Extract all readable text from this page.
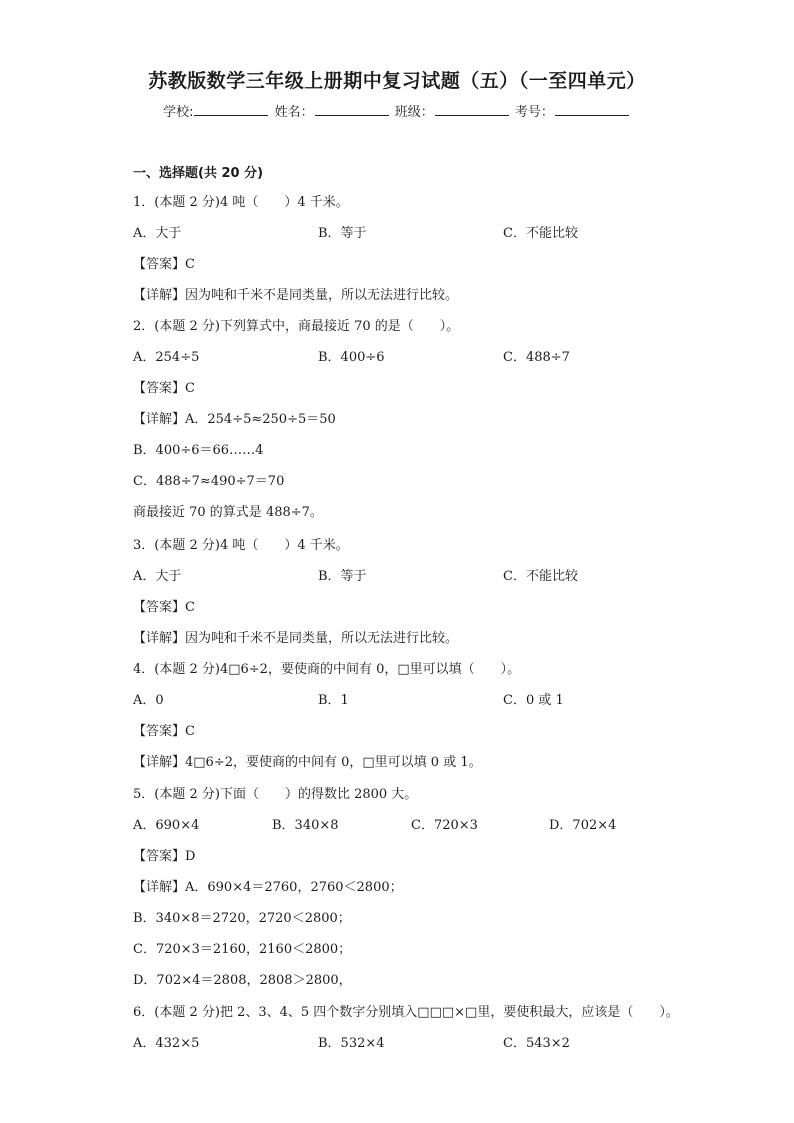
苏教版数学三年级上册期中复习试题（五）（一至四单元）
学校:	姓名：	班级：	考号：
一、选择题(共 20 分)
1．(本题 2 分)4 吨（　　）4 千米。
A．大于	B．等于	C．不能比较
【答案】C
【详解】因为吨和千米不是同类量，所以无法进行比较。
2．(本题 2 分)下列算式中，商最接近 70 的是（　　）。
A．254÷5	B．400÷6	C．488÷7
【答案】C
【详解】A．254÷5≈250÷5＝50
B．400÷6＝66……4
C．488÷7≈490÷7＝70
商最接近 70 的算式是 488÷7。
3．(本题 2 分)4 吨（　　）4 千米。
A．大于	B．等于	C．不能比较
【答案】C
【详解】因为吨和千米不是同类量，所以无法进行比较。
4．(本题 2 分)4□6÷2，要使商的中间有 0，□里可以填（　　）。
A．0	B．1	C．0 或 1
【答案】C
【详解】4□6÷2，要使商的中间有 0，□里可以填 0 或 1。
5．(本题 2 分)下面（　　）的得数比 2800 大。
A．690×4	B．340×8	C．720×3	D．702×4
【答案】D
【详解】A．690×4＝2760，2760＜2800；
B．340×8＝2720，2720＜2800；
C．720×3＝2160，2160＜2800；
D．702×4＝2808，2808＞2800，
6．(本题 2 分)把 2、3、4、5 四个数字分别填入□□□×□里，要使积最大，应该是（　　）。
A．432×5	B．532×4	C．543×2
